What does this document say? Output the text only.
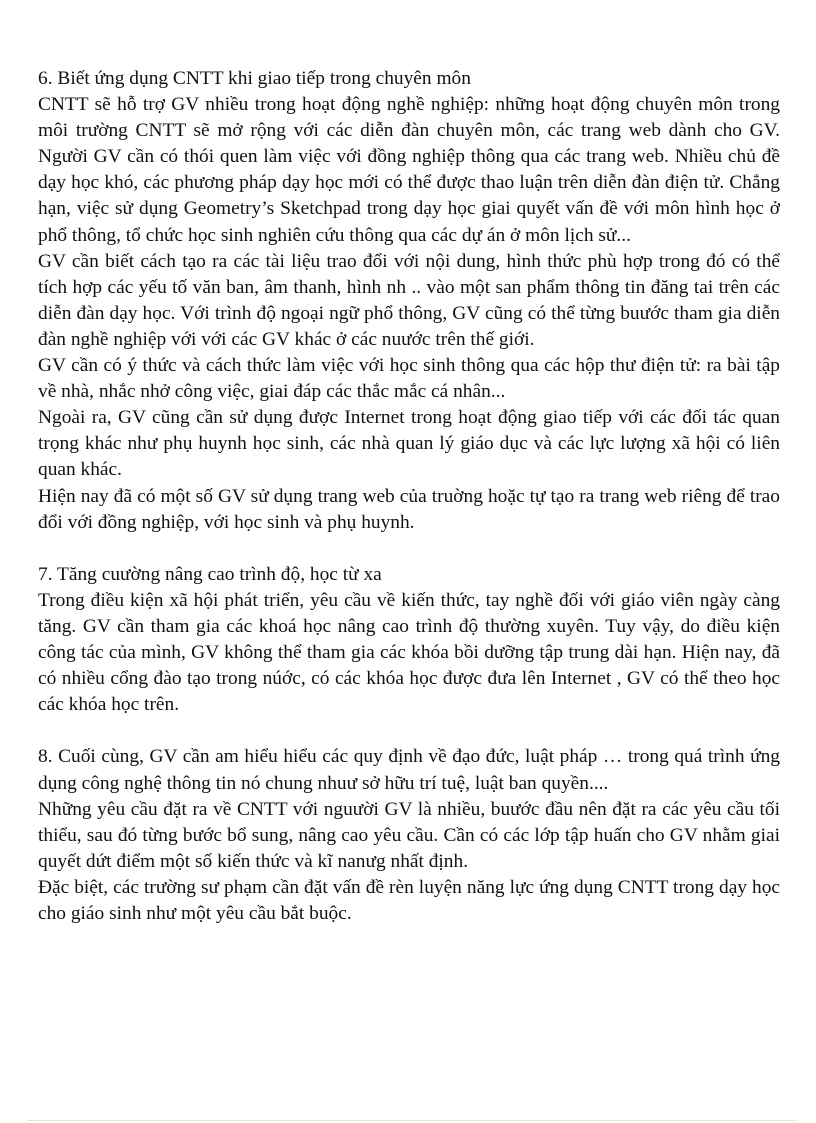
6. Biết ứng dụng CNTT khi giao tiếp trong chuyên môn

CNTT sẽ hỗ trợ GV nhiều trong hoạt động nghề nghiệp: những hoạt động chuyên môn trong môi trường CNTT sẽ mở rộng với các diễn đàn chuyên môn, các trang web dành cho GV. Người GV cần có thói quen làm việc với đồng nghiệp thông qua các trang web. Nhiều chủ đề dạy học khó, các phương pháp dạy học mới có thể được thao luận trên diễn đàn điện tử. Chẳng hạn, việc sử dụng Geometry’s Sketchpad trong dạy học giai quyết vấn đề với môn hình học ở phổ thông, tổ chức học sinh nghiên cứu thông qua các dự án ở môn lịch sử...

GV cần biết cách tạo ra các tài liệu trao đổi với nội dung, hình thức phù hợp trong đó có thể tích hợp các yếu tố văn ban, âm thanh, hình nh .. vào một san phẩm thông tin đăng tai trên các diễn đàn dạy học. Với trình độ ngoại ngữ phổ thông, GV cũng có thể từng buước tham gia diễn đàn nghề nghiệp với với các GV khác ở các nuước trên thế giới.

GV cần có ý thức và cách thức làm việc với học sinh thông qua các hộp thư điện tử: ra bài tập về nhà, nhắc nhở công việc, giai đáp các thắc mắc cá nhân...

Ngoài ra, GV cũng cần sử dụng được Internet trong hoạt động giao tiếp với các đối tác quan trọng khác như phụ huynh học sinh, các nhà quan lý giáo dục và các lực lượng xã hội có liên quan khác.

Hiện nay đã có một số GV sử dụng trang web của truờng hoặc tự tạo ra trang web riêng để trao đổi với đồng nghiệp, với học sinh và phụ huynh.

7. Tăng cuường nâng cao trình độ, học từ xa

Trong điều kiện xã hội phát triển, yêu cầu về kiến thức, tay nghề đối với giáo viên ngày càng tăng. GV cần tham gia các khoá học nâng cao trình độ thường xuyên. Tuy vậy, do điều kiện công tác của mình, GV không thể tham gia các khóa bồi dưỡng tập trung dài hạn. Hiện nay, đã có nhiều cổng đào tạo trong núớc, có các khóa học được đưa lên Internet , GV có thể theo học các khóa học trên.

8. Cuối cùng, GV cần am hiểu hiểu các quy định về đạo đức, luật pháp … trong quá trình ứng dụng công nghệ thông tin nó chung nhuư sở hữu trí tuệ, luật ban quyền....

Những yêu cầu đặt ra về CNTT với nguười GV là nhiều, buước đầu nên đặt ra các yêu cầu tối thiểu, sau đó từng bước bổ sung, nâng cao yêu cầu. Cần có các lớp tập huấn cho GV nhằm giai quyết dứt điểm một số kiến thức và kĩ nanưg nhất định.

Đặc biệt, các trường sư phạm cần đặt vấn đề rèn luyện năng lực ứng dụng CNTT trong dạy học cho giáo sinh như một yêu cầu bắt buộc.
